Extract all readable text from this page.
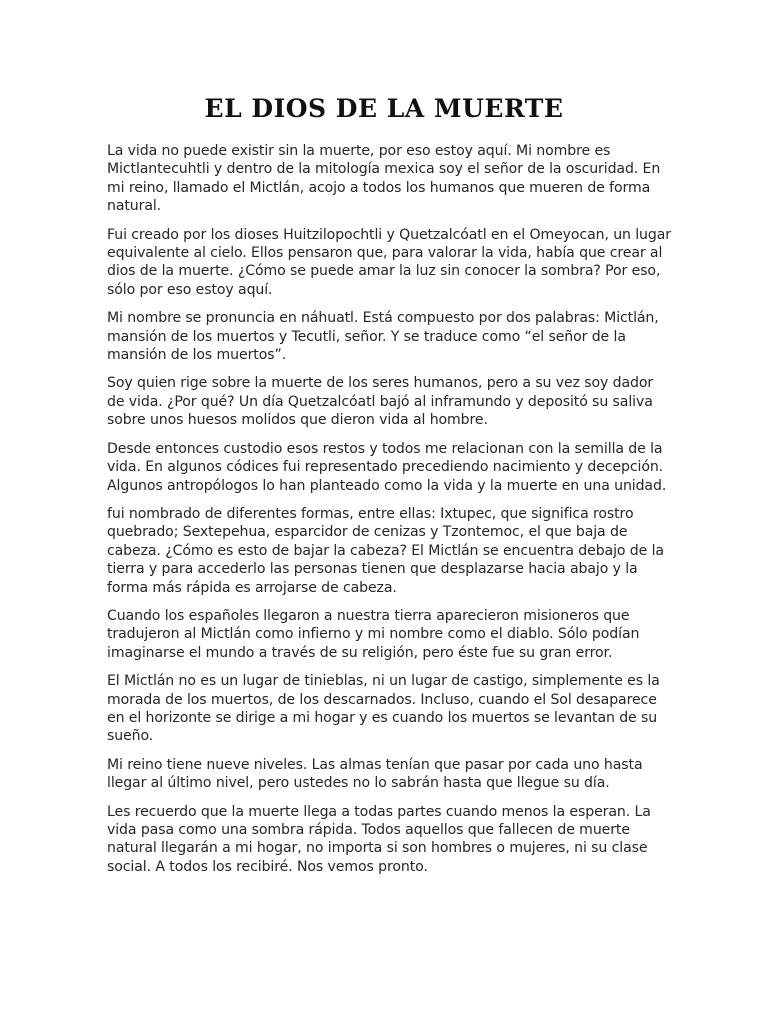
EL DIOS DE LA MUERTE

La vida no puede existir sin la muerte, por eso estoy aquí. Mi nombre es Mictlantecuhtli y dentro de la mitología mexica soy el señor de la oscuridad. En mi reino, llamado el Mictlán, acojo a todos los humanos que mueren de forma natural.

Fui creado por los dioses Huitzilopochtli y Quetzalcóatl en el Omeyocan, un lugar equivalente al cielo. Ellos pensaron que, para valorar la vida, había que crear al dios de la muerte. ¿Cómo se puede amar la luz sin conocer la sombra? Por eso, sólo por eso estoy aquí.

Mi nombre se pronuncia en náhuatl. Está compuesto por dos palabras: Mictlán, mansión de los muertos y Tecutli, señor. Y se traduce como “el señor de la mansión de los muertos”.

Soy quien rige sobre la muerte de los seres humanos, pero a su vez soy dador de vida. ¿Por qué? Un día Quetzalcóatl bajó al inframundo y depositó su saliva sobre unos huesos molidos que dieron vida al hombre.

Desde entonces custodio esos restos y todos me relacionan con la semilla de la vida. En algunos códices fui representado precediendo nacimiento y decepción. Algunos antropólogos lo han planteado como la vida y la muerte en una unidad.

fui nombrado de diferentes formas, entre ellas: Ixtupec, que significa rostro quebrado; Sextepehua, esparcidor de cenizas y Tzontemoc, el que baja de cabeza. ¿Cómo es esto de bajar la cabeza? El Mictlán se encuentra debajo de la tierra y para accederlo las personas tienen que desplazarse hacia abajo y la forma más rápida es arrojarse de cabeza.

Cuando los españoles llegaron a nuestra tierra aparecieron misioneros que tradujeron al Mictlán como infierno y mi nombre como el diablo. Sólo podían imaginarse el mundo a través de su religión, pero éste fue su gran error.

El Mictlán no es un lugar de tinieblas, ni un lugar de castigo, simplemente es la morada de los muertos, de los descarnados. Incluso, cuando el Sol desaparece en el horizonte se dirige a mi hogar y es cuando los muertos se levantan de su sueño.

Mi reino tiene nueve niveles. Las almas tenían que pasar por cada uno hasta llegar al último nivel, pero ustedes no lo sabrán hasta que llegue su día.

Les recuerdo que la muerte llega a todas partes cuando menos la esperan. La vida pasa como una sombra rápida. Todos aquellos que fallecen de muerte natural llegarán a mi hogar, no importa si son hombres o mujeres, ni su clase social. A todos los recibiré. Nos vemos pronto.
